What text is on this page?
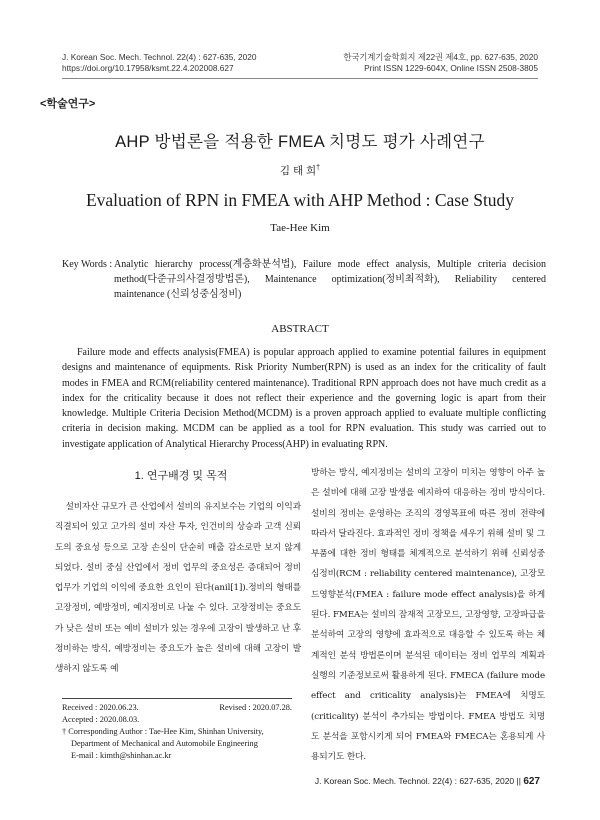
J. Korean Soc. Mech. Technol. 22(4) : 627-635, 2020
https://doi.org/10.17958/ksmt.22.4.202008.627
한국기계기술학회지 제22권 제4호, pp. 627-635, 2020
Print ISSN 1229-604X, Online ISSN 2508-3805
<학술연구>
AHP 방법론을 적용한 FMEA 치명도 평가 사례연구
김 태 희†
Evaluation of RPN in FMEA with AHP Method : Case Study
Tae-Hee Kim
Key Words : Analytic hierarchy process(계층화분석법), Failure mode effect analysis, Multiple criteria decision method(다준규의사결정방법론), Maintenance optimization(정비최적화), Reliability centered maintenance (신뢰성중심정비)
ABSTRACT

Failure mode and effects analysis(FMEA) is popular approach applied to examine potential failures in equipment designs and maintenance of equipments. Risk Priority Number(RPN) is used as an index for the criticality of fault modes in FMEA and RCM(reliability centered maintenance). Traditional RPN approach does not have much credit as a index for the criticality because it does not reflect their experience and the governing logic is apart from their knowledge. Multiple Criteria Decision Method(MCDM) is a proven approach applied to evaluate multiple conflicting criteria in decision making. MCDM can be applied as a tool for RPN evaluation. This study was carried out to investigate application of Analytical Hierarchy Process(AHP) in evaluating RPN.

1. 연구배경 및 목적

설비자산 규모가 큰 산업에서 설비의 유지보수는 기업의 이익과 직결되어 있고 고가의 설비 자산 투자, 인건비의 상승과 고객 신뢰도의 중요성 등으로 고장 손실이 단순히 매출 감소로만 보지 않게 되었다. 설비 중심 산업에서 정비 업무의 중요성은 증대되어 정비 업무가 기업의 이익에 중요한 요인이 된다(anil[1]).정비의 형태를 고장정비, 예방정비, 예지정비로 나눌 수 있다. 고장정비는 중요도가 낮은 설비 또는 예비 설비가 있는 경우에 고장이 발생하고 난 후 정비하는 방식, 예방정비는 중요도가 높은 설비에 대해 고장이 발생하지 않도록 예

방하는 방식, 예지정비는 설비의 고장이 미치는 영향이 아주 높은 설비에 대해 고장 발생을 예지하여 대응하는 정비 방식이다. 설비의 정비는 운영하는 조직의 경영목표에 따른 정비 전략에 따라서 달라진다. 효과적인 정비 정책을 세우기 위해 설비 및 그 부품에 대한 정비 형태를 체계적으로 분석하기 위해 신뢰성중심정비(RCM : reliability centered maintenance), 고장모드영향분석(FMEA : failure mode effect analysis)을 하게 된다. FMEA는 설비의 잠재적 고장모드, 고장영향, 고장파급을 분석하여 고장의 영향에 효과적으로 대응할 수 있도록 하는 체계적인 분석 방법론이며 분석된 데이터는 정비 업무의 계획과 실행의 기준정보로써 활용하게 된다. FMECA (failure mode effect and criticality analysis)는 FMEA에 치명도(criticality) 분석이 추가되는 방법이다. FMEA 방법도 치명도 분석을 포함시키게 되어 FMEA와 FMECA는 혼용되게 사용되기도 한다.

Received : 2020.06.23.	Revised : 2020.07.28.
Accepted : 2020.08.03.
† Corresponding Author : Tae-Hee Kim, Shinhan University,
Department of Mechanical and Automobile Engineering
E-mail : kimth@shinhan.ac.kr
J. Korean Soc. Mech. Technol. 22(4) : 627-635, 2020 || 627
